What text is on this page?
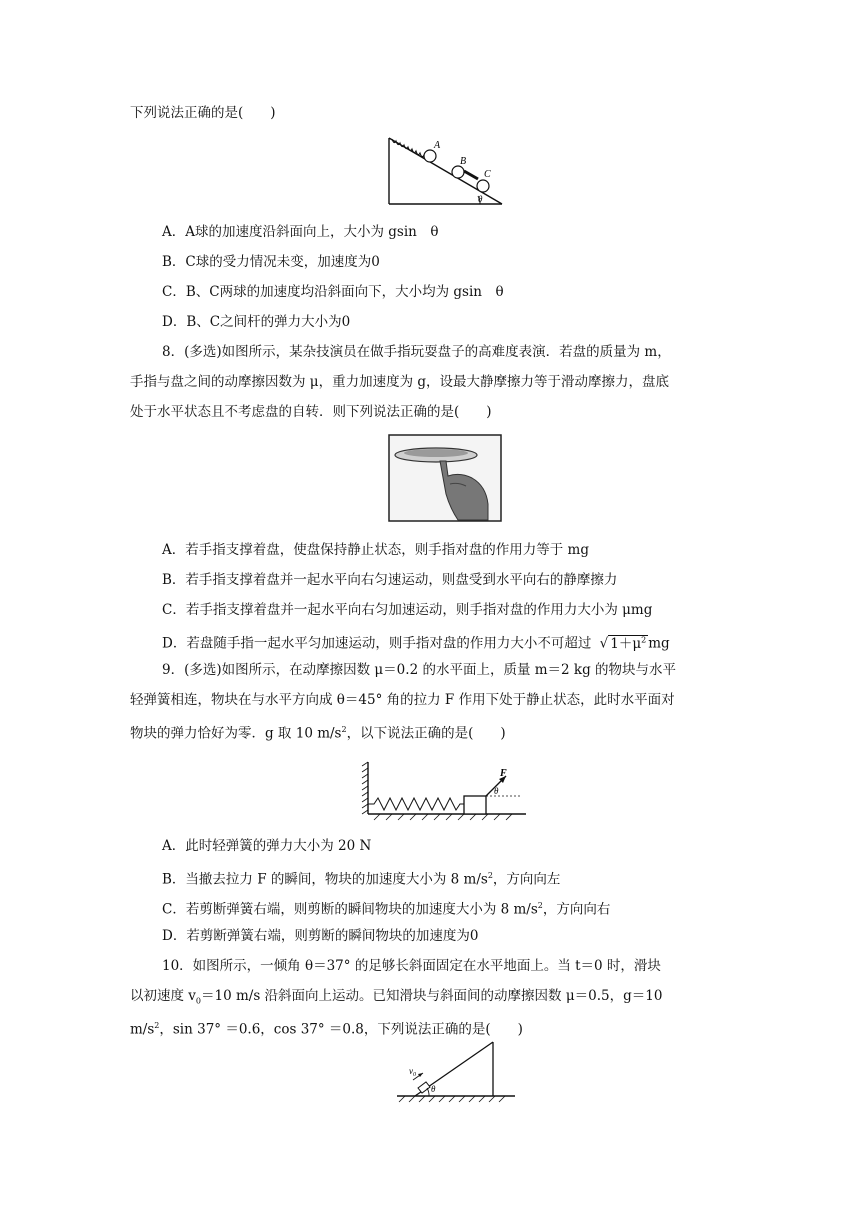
下列说法正确的是(　　)
A
B
C
θ
A．A球的加速度沿斜面向上，大小为 gsin　θ
B．C球的受力情况未变，加速度为0
C．B、C两球的加速度均沿斜面向下，大小均为 gsin　θ
D．B、C之间杆的弹力大小为0
8．(多选)如图所示，某杂技演员在做手指玩耍盘子的高难度表演．若盘的质量为 m，
手指与盘之间的动摩擦因数为 μ，重力加速度为 g，设最大静摩擦力等于滑动摩擦力，盘底
处于水平状态且不考虑盘的自转．则下列说法正确的是(　　)
A．若手指支撑着盘，使盘保持静止状态，则手指对盘的作用力等于 mg
B．若手指支撑着盘并一起水平向右匀速运动，则盘受到水平向右的静摩擦力
C．若手指支撑着盘并一起水平向右匀加速运动，则手指对盘的作用力大小为 μmg
D．若盘随手指一起水平匀加速运动，则手指对盘的作用力大小不可超过 √ $1+\mu^2$ mg
9．(多选)如图所示，在动摩擦因数 μ＝0.2 的水平面上，质量 m＝2 kg 的物块与水平
轻弹簧相连，物块在与水平方向成 θ＝45° 角的拉力 F 作用下处于静止状态，此时水平面对
物块的弹力恰好为零．g 取 10 $m/s^2$，以下说法正确的是(　　)
F
θ
A．此时轻弹簧的弹力大小为 20 N
B．当撤去拉力 F 的瞬间，物块的加速度大小为 8 $m/s^2$，方向向左
C．若剪断弹簧右端，则剪断的瞬间物块的加速度大小为 8 $m/s^2$，方向向右
D．若剪断弹簧右端，则剪断的瞬间物块的加速度为0
10．如图所示，一倾角 θ＝37° 的足够长斜面固定在水平地面上。当 t＝0 时，滑块
以初速度 $v_0=10$ m/s 沿斜面向上运动。已知滑块与斜面间的动摩擦因数 μ＝0.5，g＝10
$m/s^2$，sin 37° ＝0.6，cos 37° ＝0.8，下列说法正确的是(　　)
$v_0$
θ
